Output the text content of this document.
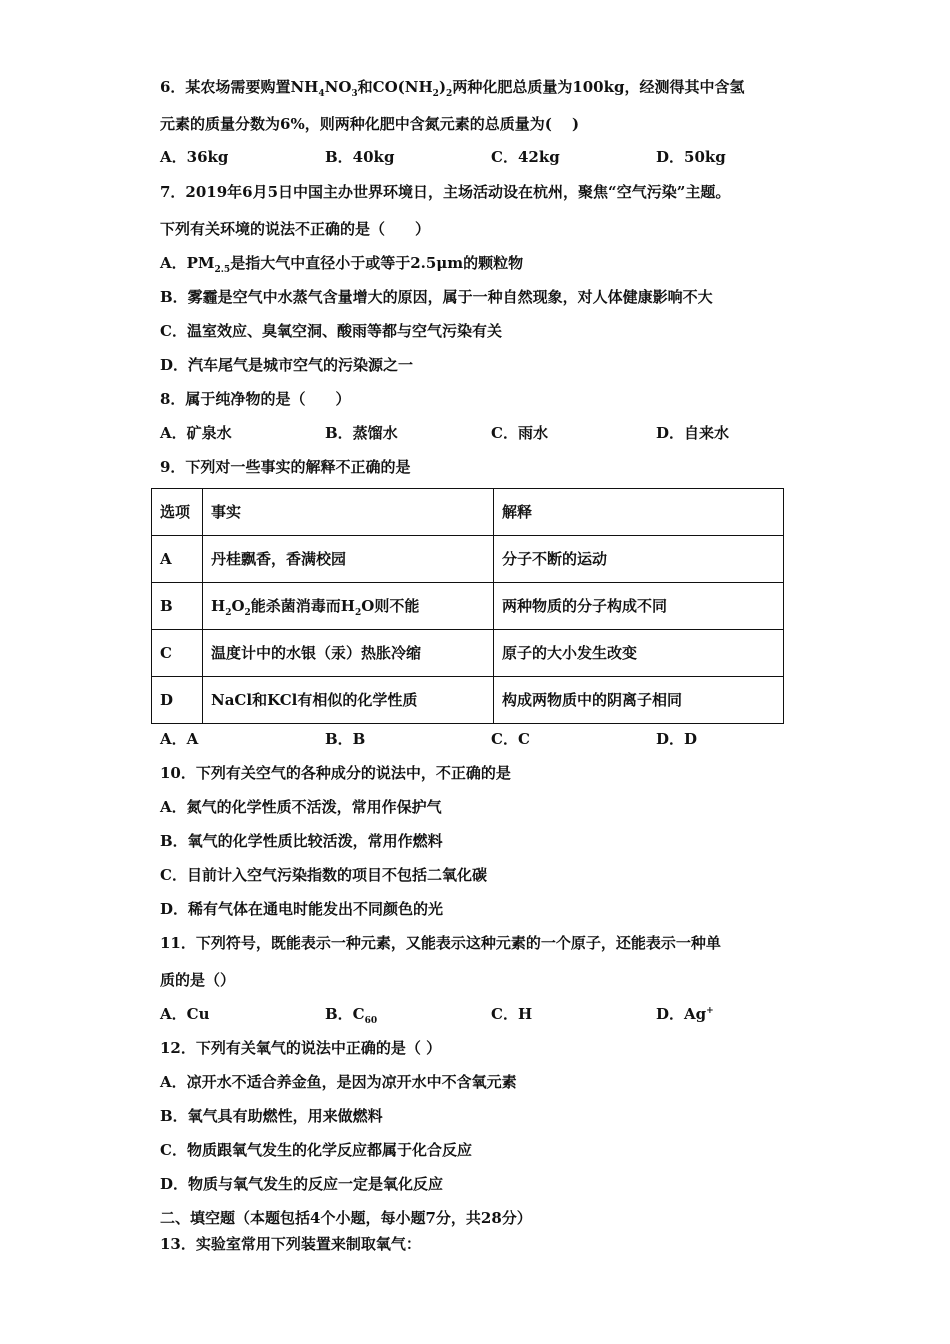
6．某农场需要购置$NH_4NO_3$和$CO(NH_2)_2$两种化肥总质量为100kg，经测得其中含氢
元素的质量分数为6%，则两种化肥中含氮元素的总质量为(　 )
A．36kg	B．40kg	C．42kg	D．50kg
7．2019年6月5日中国主办世界环境日，主场活动设在杭州，聚焦“空气污染”主题。
下列有关环境的说法不正确的是（　　）
A．$PM_{2.5}$是指大气中直径小于或等于2.5μm的颗粒物
B．雾霾是空气中水蒸气含量增大的原因，属于一种自然现象，对人体健康影响不大
C．温室效应、臭氧空洞、酸雨等都与空气污染有关
D．汽车尾气是城市空气的污染源之一
8．属于纯净物的是（　　）
A．矿泉水	B．蒸馏水	C．雨水	D．自来水
9．下列对一些事实的解释不正确的是
选项	事实	解释
A	丹桂飘香，香满校园	分子不断的运动
B	$H_2O_2$能杀菌消毒而$H_2O$则不能	两种物质的分子构成不同
C	温度计中的水银（汞）热胀冷缩	原子的大小发生改变
D	NaCl和KCl有相似的化学性质	构成两物质中的阴离子相同
A．A	B．B	C．C	D．D
10．下列有关空气的各种成分的说法中，不正确的是
A．氮气的化学性质不活泼，常用作保护气
B．氧气的化学性质比较活泼，常用作燃料
C．目前计入空气污染指数的项目不包括二氧化碳
D．稀有气体在通电时能发出不同颜色的光
11．下列符号，既能表示一种元素，又能表示这种元素的一个原子，还能表示一种单
质的是（）
A．Cu	B．$C_{60}$	C．H	D．Ag+
12．下列有关氧气的说法中正确的是（ ）
A．凉开水不适合养金鱼，是因为凉开水中不含氧元素
B．氧气具有助燃性，用来做燃料
C．物质跟氧气发生的化学反应都属于化合反应
D．物质与氧气发生的反应一定是氧化反应
二、填空题（本题包括4个小题，每小题7分，共28分）
13．实验室常用下列装置来制取氧气：
